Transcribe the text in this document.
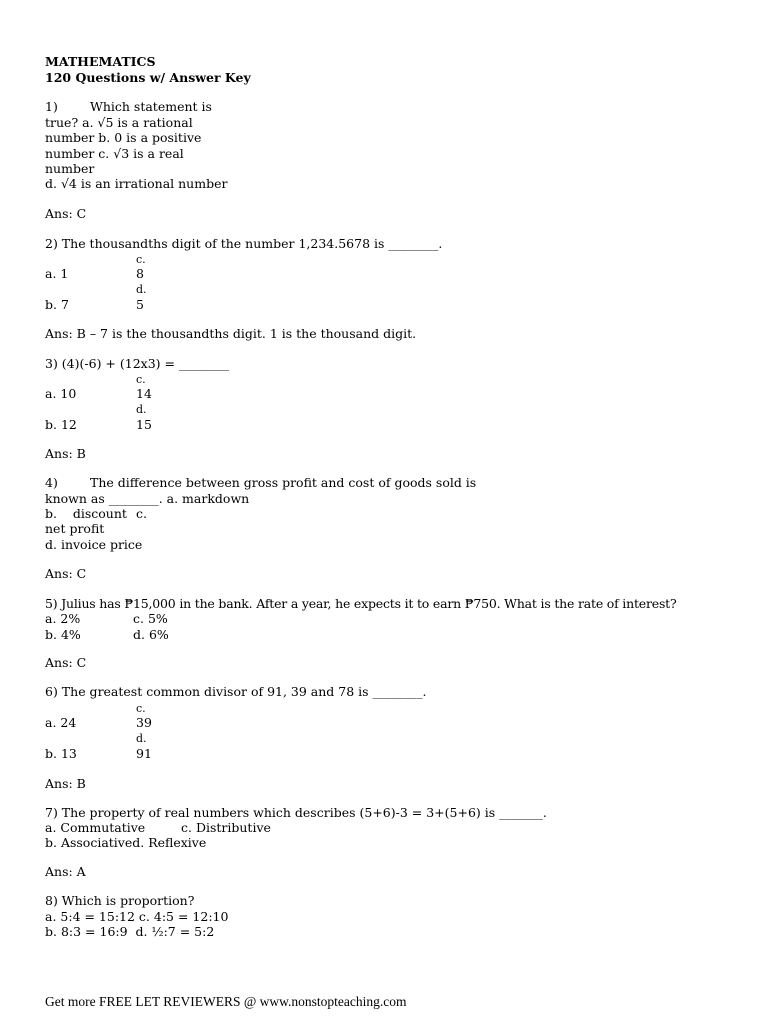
MATHEMATICS
120 Questions w/ Answer Key
1)	Which statement is
true? a. √5 is a rational
number b. 0 is a positive
number c. √3 is a real
number
d. √4 is an irrational number
Ans: C
2) The thousandths digit of the number 1,234.5678 is ________.
c.
a. 1	8
d.
b. 7	5
Ans: B – 7 is the thousandths digit. 1 is the thousand digit.
3) (4)(-6) + (12x3) = ________
c.
a. 10	14
d.
b. 12	15
Ans: B
4)	The difference between gross profit and cost of goods sold is
known as ________. a. markdown
b.    discount c.
net profit
d. invoice price
Ans: C
5) Julius has ₱15,000 in the bank. After a year, he expects it to earn ₱750. What is the rate of interest?
a. 2%	c. 5%
b. 4%	d. 6%
Ans: C
6) The greatest common divisor of 91, 39 and 78 is ________.
c.
a. 24	39
d.
b. 13	91
Ans: B
7) The property of real numbers which describes (5+6)-3 = 3+(5+6) is _______.
a. Commutative	c. Distributive
b. Associatived. Reflexive
Ans: A
8) Which is proportion?
a. 5:4 = 15:12 c. 4:5 = 12:10
b. 8:3 = 16:9  d. ½:7 = 5:2
Get more FREE LET REVIEWERS @ www.nonstopteaching.com
